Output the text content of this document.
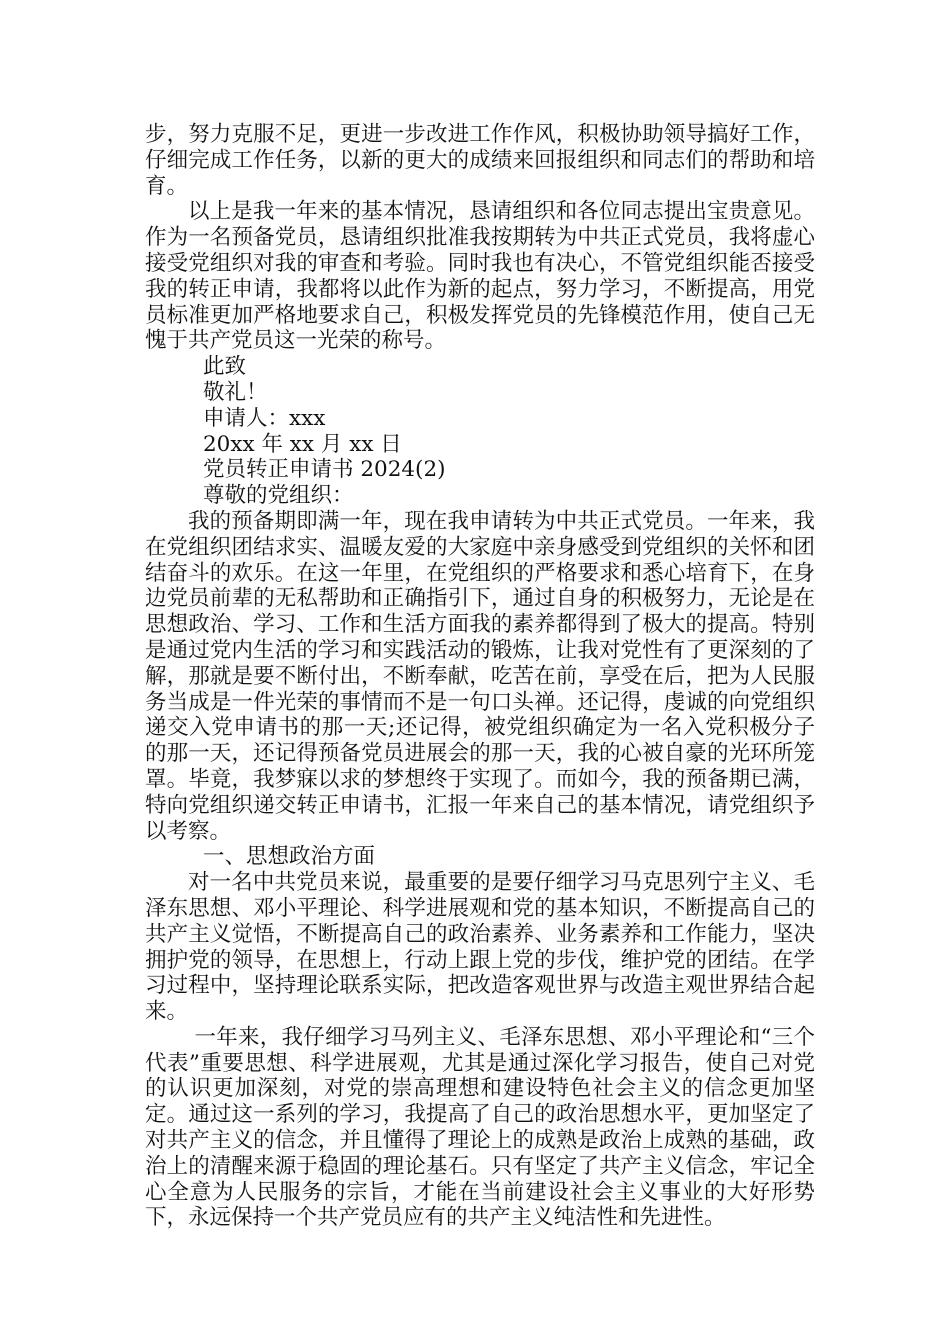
步，努力克服不足，更进一步改进工作作风，积极协助领导搞好工作，仔细完成工作任务，以新的更大的成绩来回报组织和同志们的帮助和培育。

以上是我一年来的基本情况，恳请组织和各位同志提出宝贵意见。作为一名预备党员，恳请组织批准我按期转为中共正式党员，我将虚心接受党组织对我的审查和考验。同时我也有决心，不管党组织能否接受我的转正申请，我都将以此作为新的起点，努力学习，不断提高，用党员标准更加严格地要求自己，积极发挥党员的先锋模范作用，使自己无愧于共产党员这一光荣的称号。

此致

敬礼！

申请人：xxx

20xx 年 xx 月 xx 日

党员转正申请书 2024(2)

尊敬的党组织：

我的预备期即满一年，现在我申请转为中共正式党员。一年来，我在党组织团结求实、温暖友爱的大家庭中亲身感受到党组织的关怀和团结奋斗的欢乐。在这一年里，在党组织的严格要求和悉心培育下，在身边党员前辈的无私帮助和正确指引下，通过自身的积极努力，无论是在思想政治、学习、工作和生活方面我的素养都得到了极大的提高。特别是通过党内生活的学习和实践活动的锻炼，让我对党性有了更深刻的了解，那就是要不断付出，不断奉献，吃苦在前，享受在后，把为人民服务当成是一件光荣的事情而不是一句口头禅。还记得，虔诚的向党组织递交入党申请书的那一天;还记得，被党组织确定为一名入党积极分子的那一天，还记得预备党员进展会的那一天，我的心被自豪的光环所笼罩。毕竟，我梦寐以求的梦想终于实现了。而如今，我的预备期已满，特向党组织递交转正申请书，汇报一年来自己的基本情况，请党组织予以考察。

一、思想政治方面

对一名中共党员来说，最重要的是要仔细学习马克思列宁主义、毛泽东思想、邓小平理论、科学进展观和党的基本知识，不断提高自己的共产主义觉悟，不断提高自己的政治素养、业务素养和工作能力，坚决拥护党的领导，在思想上，行动上跟上党的步伐，维护党的团结。在学习过程中，坚持理论联系实际，把改造客观世界与改造主观世界结合起来。

一年来，我仔细学习马列主义、毛泽东思想、邓小平理论和“三个代表”重要思想、科学进展观，尤其是通过深化学习报告，使自己对党的认识更加深刻，对党的崇高理想和建设特色社会主义的信念更加坚定。通过这一系列的学习，我提高了自己的政治思想水平，更加坚定了对共产主义的信念，并且懂得了理论上的成熟是政治上成熟的基础，政治上的清醒来源于稳固的理论基石。只有坚定了共产主义信念，牢记全心全意为人民服务的宗旨，才能在当前建设社会主义事业的大好形势下，永远保持一个共产党员应有的共产主义纯洁性和先进性。
